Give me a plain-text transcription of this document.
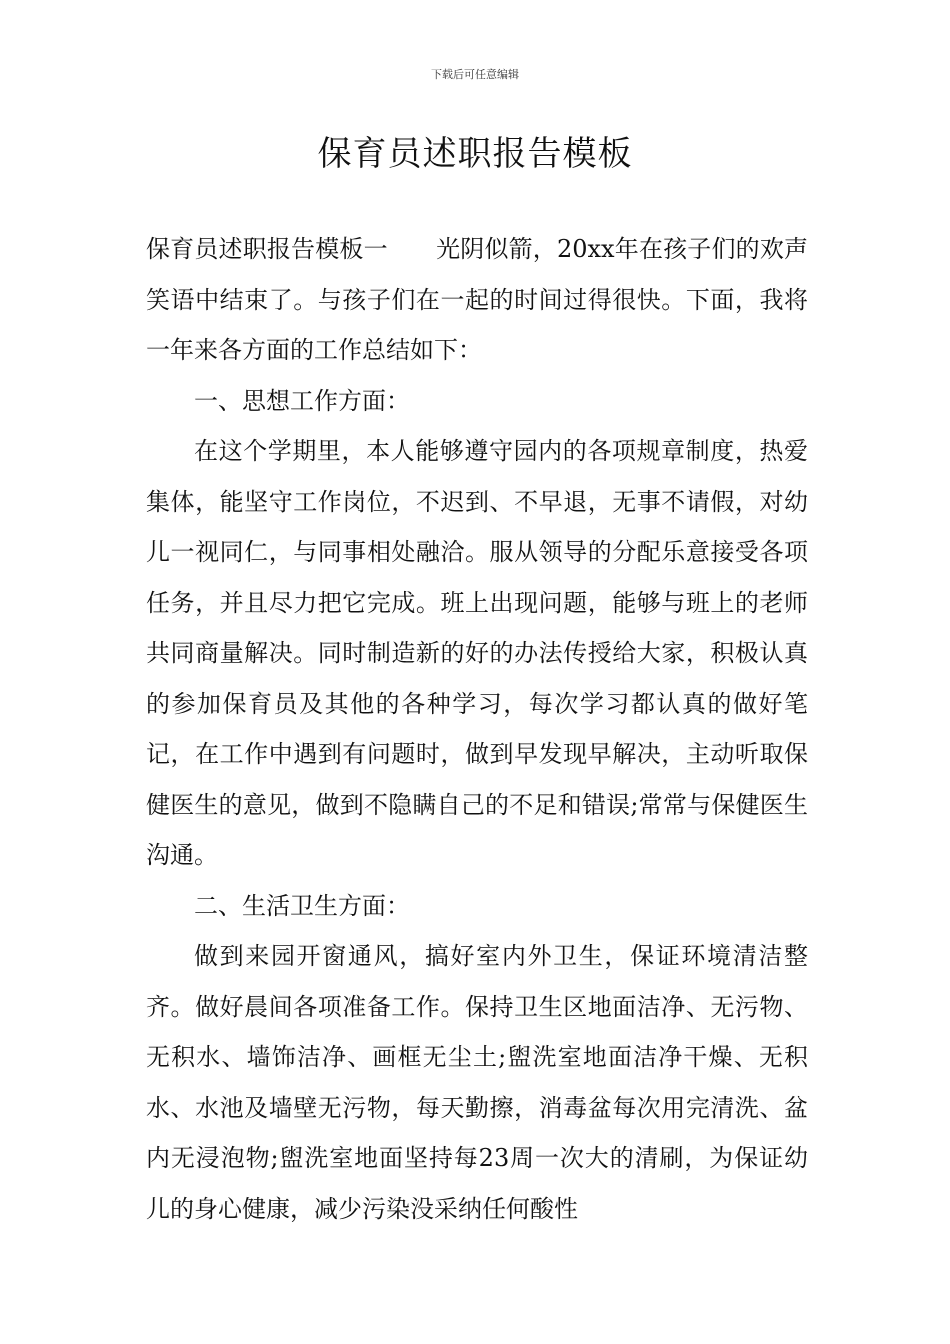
下载后可任意编辑
保育员述职报告模板

保育员述职报告模板一　　光阴似箭，20xx年在孩子们的欢声笑语中结束了。与孩子们在一起的时间过得很快。下面，我将一年来各方面的工作总结如下：

一、思想工作方面：

在这个学期里，本人能够遵守园内的各项规章制度，热爱集体，能坚守工作岗位，不迟到、不早退，无事不请假，对幼儿一视同仁，与同事相处融洽。服从领导的分配乐意接受各项任务，并且尽力把它完成。班上出现问题，能够与班上的老师共同商量解决。同时制造新的好的办法传授给大家，积极认真的参加保育员及其他的各种学习，每次学习都认真的做好笔记，在工作中遇到有问题时，做到早发现早解决，主动听取保健医生的意见，做到不隐瞒自己的不足和错误;常常与保健医生沟通。

二、生活卫生方面：

做到来园开窗通风，搞好室内外卫生，保证环境清洁整齐。做好晨间各项准备工作。保持卫生区地面洁净、无污物、无积水、墙饰洁净、画框无尘土;盥洗室地面洁净干燥、无积水、水池及墙壁无污物，每天勤擦，消毒盆每次用完清洗、盆内无浸泡物;盥洗室地面坚持每23周一次大的清刷，为保证幼儿的身心健康，减少污染没采纳任何酸性
